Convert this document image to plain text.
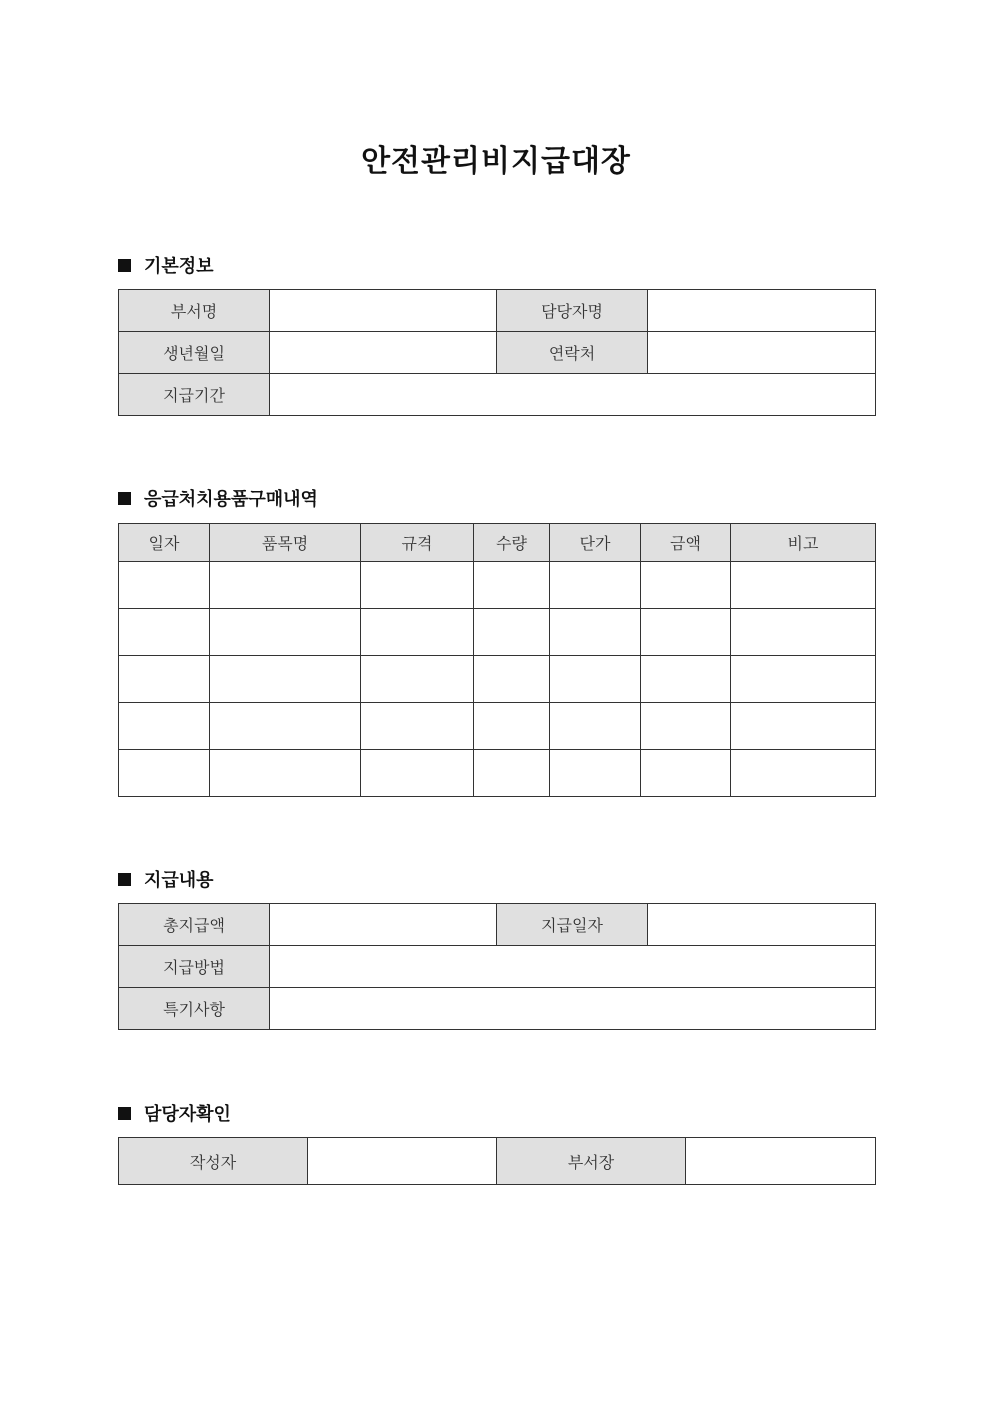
안전관리비지급대장
기본정보
부서명		담당자명	
생년월일		연락처	
지급기간			
응급처치용품구매내역
일자	품목명	규격	수량	단가	금액	비고

지급내용
총지급액		지급일자	
지급방법			
특기사항			
담당자확인
작성자		부서장	
